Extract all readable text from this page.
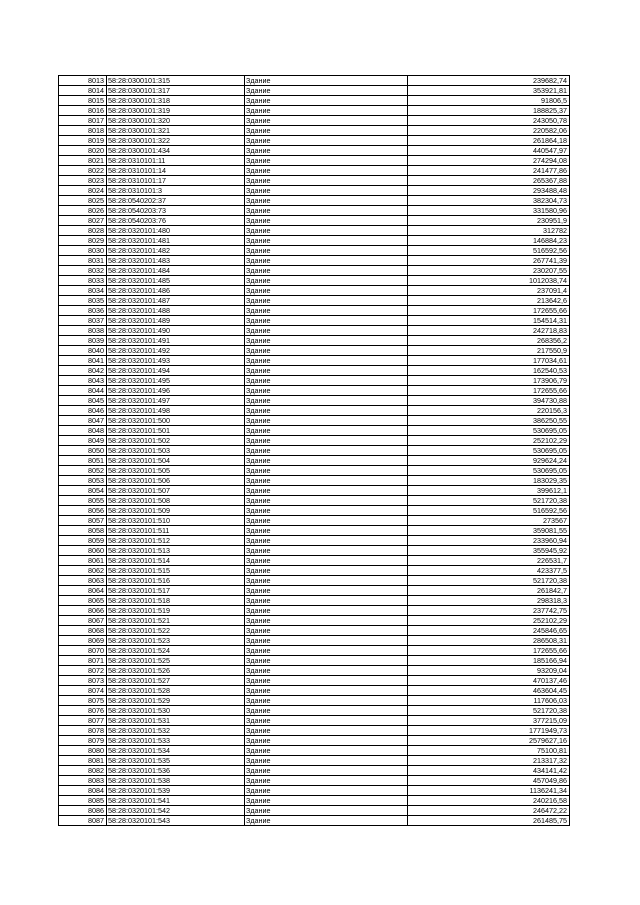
8013	58:28:0300101:315	Здание	239682,74
8014	58:28:0300101:317	Здание	353921,81
8015	58:28:0300101:318	Здание	91806,5
8016	58:28:0300101:319	Здание	188825,37
8017	58:28:0300101:320	Здание	243050,78
8018	58:28:0300101:321	Здание	220582,06
8019	58:28:0300101:322	Здание	261864,18
8020	58:28:0300101:434	Здание	440547,97
8021	58:28:0310101:11	Здание	274294,08
8022	58:28:0310101:14	Здание	241477,86
8023	58:28:0310101:17	Здание	265367,88
8024	58:28:0310101:3	Здание	293488,48
8025	58:28:0540202:37	Здание	382304,73
8026	58:28:0540203:73	Здание	331580,96
8027	58:28:0540203:76	Здание	230951,9
8028	58:28:0320101:480	Здание	312782
8029	58:28:0320101:481	Здание	146884,23
8030	58:28:0320101:482	Здание	516592,56
8031	58:28:0320101:483	Здание	267741,39
8032	58:28:0320101:484	Здание	230207,55
8033	58:28:0320101:485	Здание	1012038,74
8034	58:28:0320101:486	Здание	237091,4
8035	58:28:0320101:487	Здание	213642,6
8036	58:28:0320101:488	Здание	172655,66
8037	58:28:0320101:489	Здание	154514,31
8038	58:28:0320101:490	Здание	242718,83
8039	58:28:0320101:491	Здание	268356,2
8040	58:28:0320101:492	Здание	217550,9
8041	58:28:0320101:493	Здание	177034,61
8042	58:28:0320101:494	Здание	162540,53
8043	58:28:0320101:495	Здание	173906,79
8044	58:28:0320101:496	Здание	172655,66
8045	58:28:0320101:497	Здание	394730,88
8046	58:28:0320101:498	Здание	220156,3
8047	58:28:0320101:500	Здание	386250,55
8048	58:28:0320101:501	Здание	530695,05
8049	58:28:0320101:502	Здание	252102,29
8050	58:28:0320101:503	Здание	530695,05
8051	58:28:0320101:504	Здание	929624,24
8052	58:28:0320101:505	Здание	530695,05
8053	58:28:0320101:506	Здание	183029,35
8054	58:28:0320101:507	Здание	399612,1
8055	58:28:0320101:508	Здание	521720,38
8056	58:28:0320101:509	Здание	516592,56
8057	58:28:0320101:510	Здание	273567
8058	58:28:0320101:511	Здание	359081,55
8059	58:28:0320101:512	Здание	233960,94
8060	58:28:0320101:513	Здание	355945,92
8061	58:28:0320101:514	Здание	226531,7
8062	58:28:0320101:515	Здание	423377,5
8063	58:28:0320101:516	Здание	521720,38
8064	58:28:0320101:517	Здание	261842,7
8065	58:28:0320101:518	Здание	298318,3
8066	58:28:0320101:519	Здание	237742,75
8067	58:28:0320101:521	Здание	252102,29
8068	58:28:0320101:522	Здание	245846,65
8069	58:28:0320101:523	Здание	286508,31
8070	58:28:0320101:524	Здание	172655,66
8071	58:28:0320101:525	Здание	185166,94
8072	58:28:0320101:526	Здание	93209,04
8073	58:28:0320101:527	Здание	470137,46
8074	58:28:0320101:528	Здание	463604,45
8075	58:28:0320101:529	Здание	117606,03
8076	58:28:0320101:530	Здание	521720,38
8077	58:28:0320101:531	Здание	377215,09
8078	58:28:0320101:532	Здание	1771949,73
8079	58:28:0320101:533	Здание	2579627,16
8080	58:28:0320101:534	Здание	75100,81
8081	58:28:0320101:535	Здание	213317,32
8082	58:28:0320101:536	Здание	434141,42
8083	58:28:0320101:538	Здание	457049,86
8084	58:28:0320101:539	Здание	1136241,34
8085	58:28:0320101:541	Здание	240216,58
8086	58:28:0320101:542	Здание	246472,22
8087	58:28:0320101:543	Здание	261485,75
